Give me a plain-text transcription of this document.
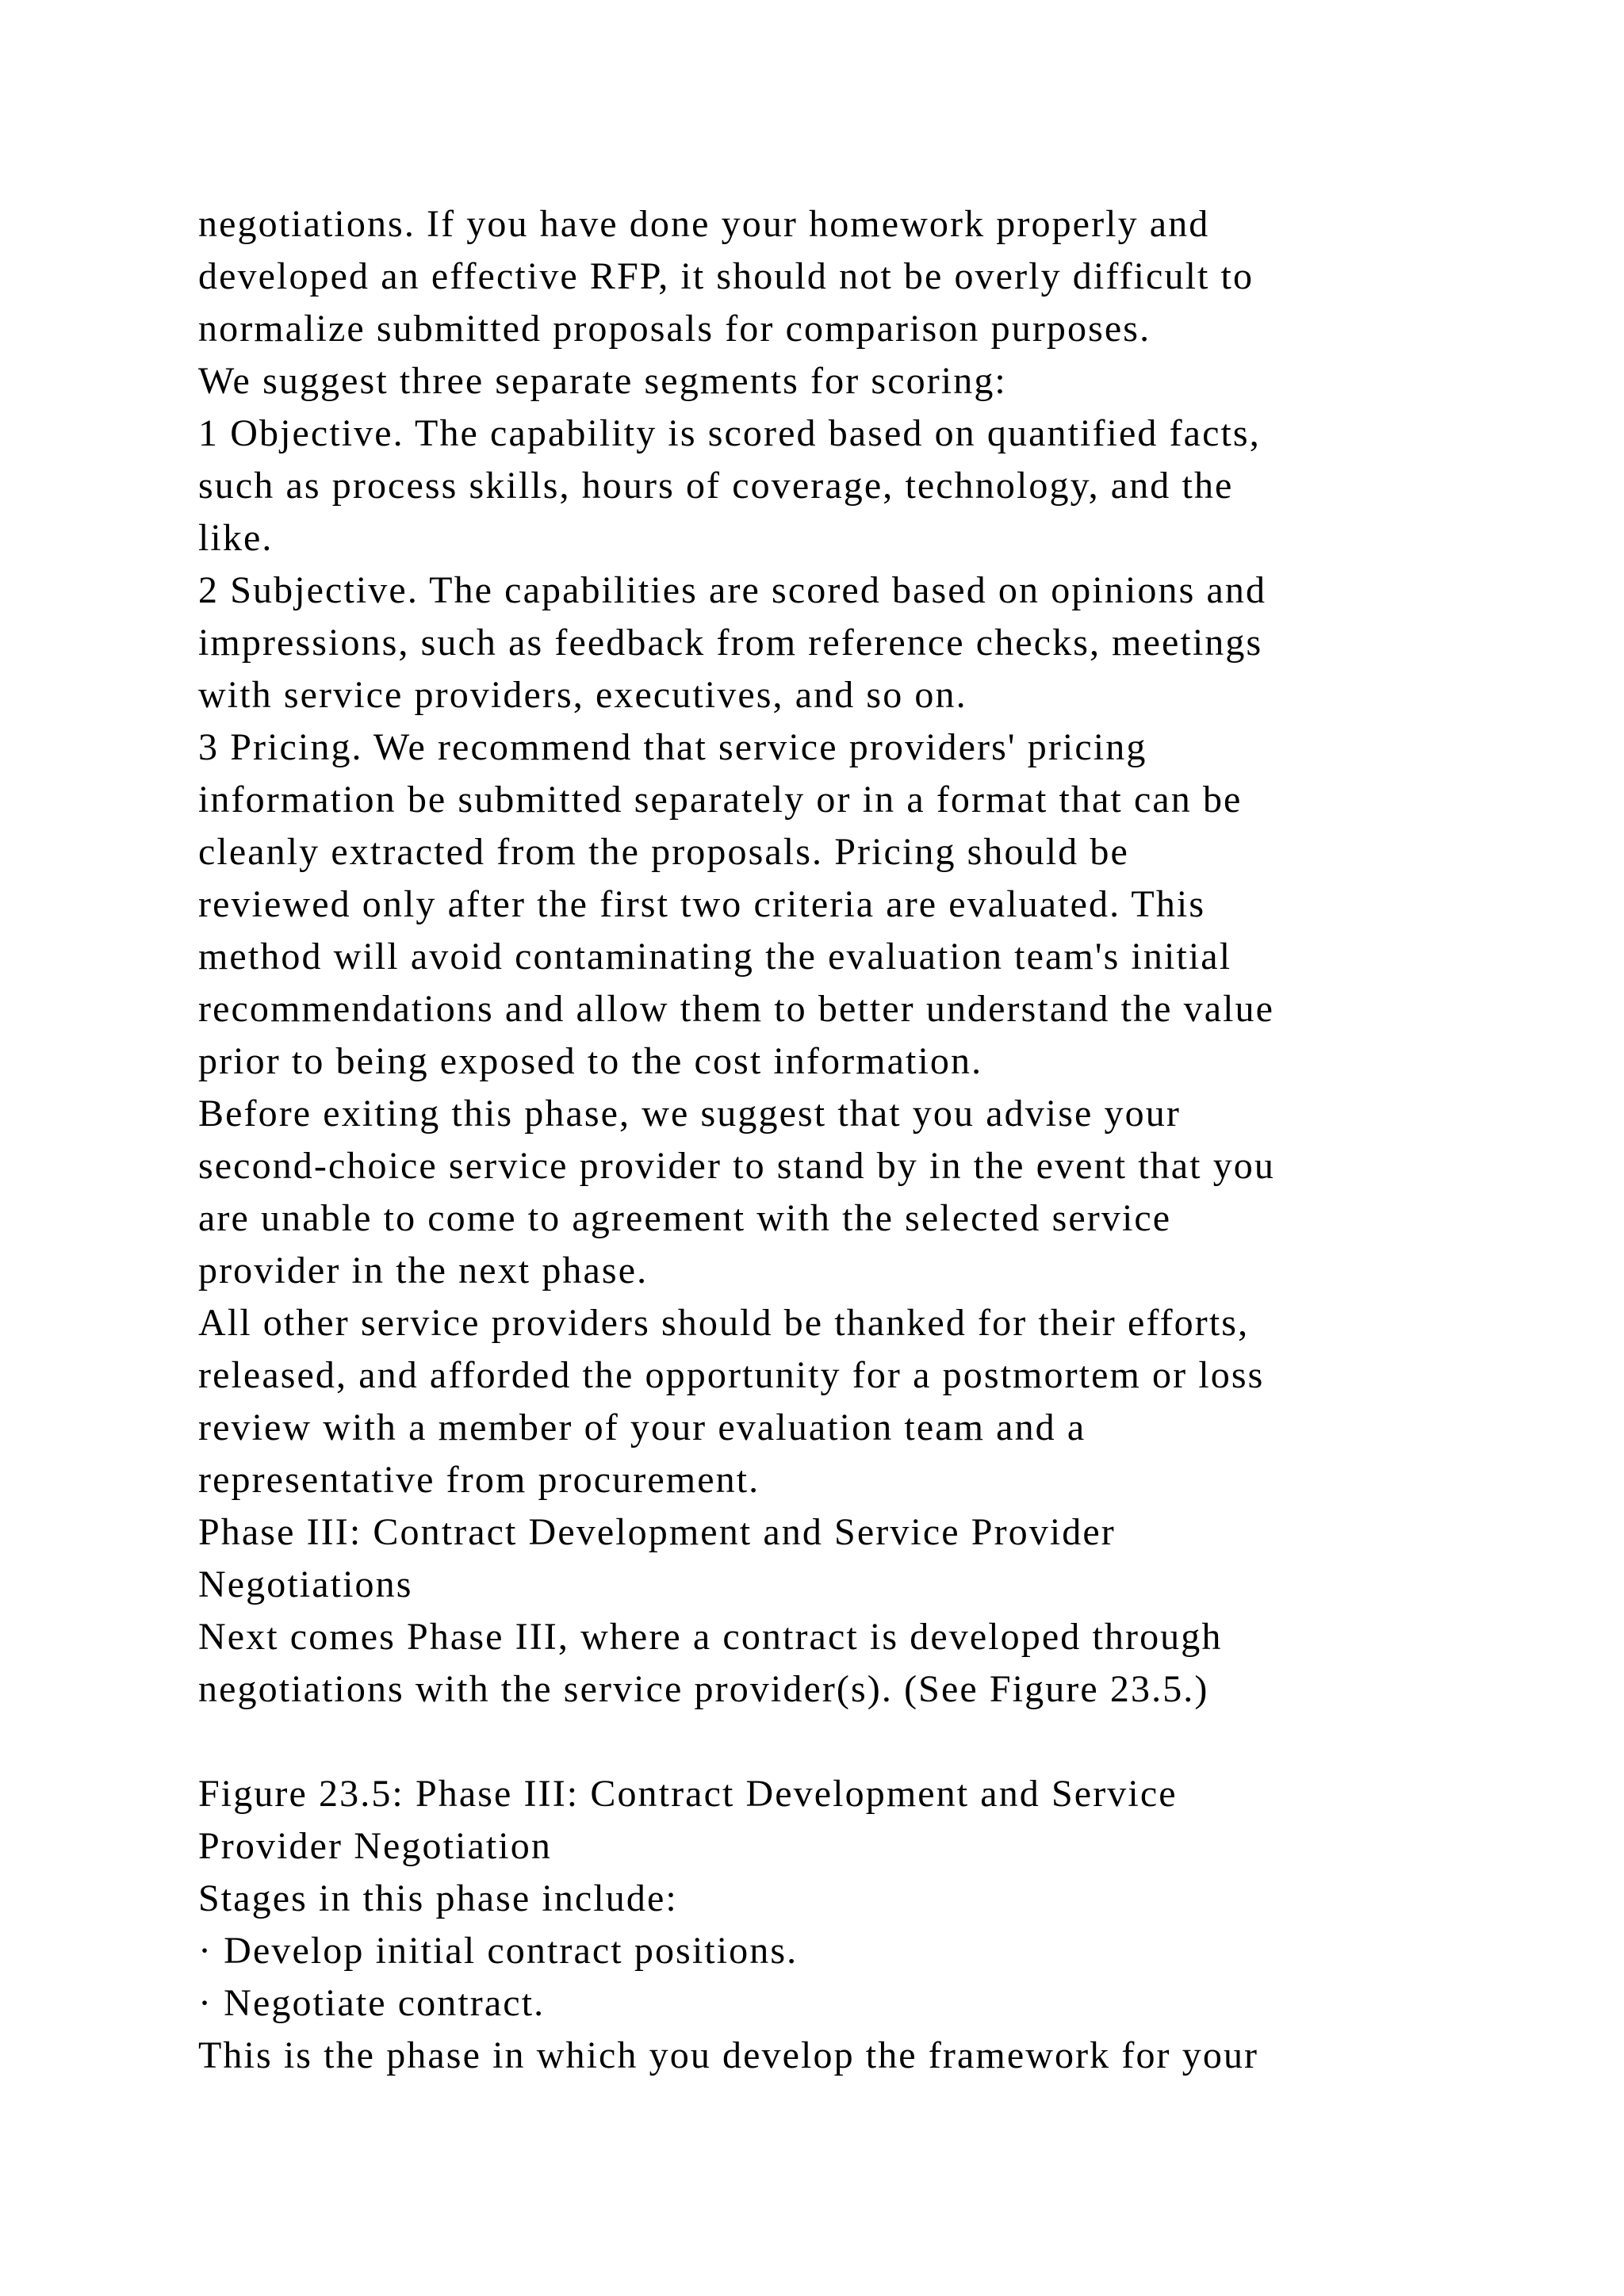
negotiations. If you have done your homework properly and
developed an effective RFP, it should not be overly difficult to
normalize submitted proposals for comparison purposes.
We suggest three separate segments for scoring:
1 Objective. The capability is scored based on quantified facts,
such as process skills, hours of coverage, technology, and the
like.
2 Subjective. The capabilities are scored based on opinions and
impressions, such as feedback from reference checks, meetings
with service providers, executives, and so on.
3 Pricing. We recommend that service providers' pricing
information be submitted separately or in a format that can be
cleanly extracted from the proposals. Pricing should be
reviewed only after the first two criteria are evaluated. This
method will avoid contaminating the evaluation team's initial
recommendations and allow them to better understand the value
prior to being exposed to the cost information.
Before exiting this phase, we suggest that you advise your
second-choice service provider to stand by in the event that you
are unable to come to agreement with the selected service
provider in the next phase.
All other service providers should be thanked for their efforts,
released, and afforded the opportunity for a postmortem or loss
review with a member of your evaluation team and a
representative from procurement.
Phase III: Contract Development and Service Provider
Negotiations
Next comes Phase III, where a contract is developed through
negotiations with the service provider(s). (See Figure 23.5.)
Figure 23.5: Phase III: Contract Development and Service
Provider Negotiation
Stages in this phase include:
· Develop initial contract positions.
· Negotiate contract.
This is the phase in which you develop the framework for your
